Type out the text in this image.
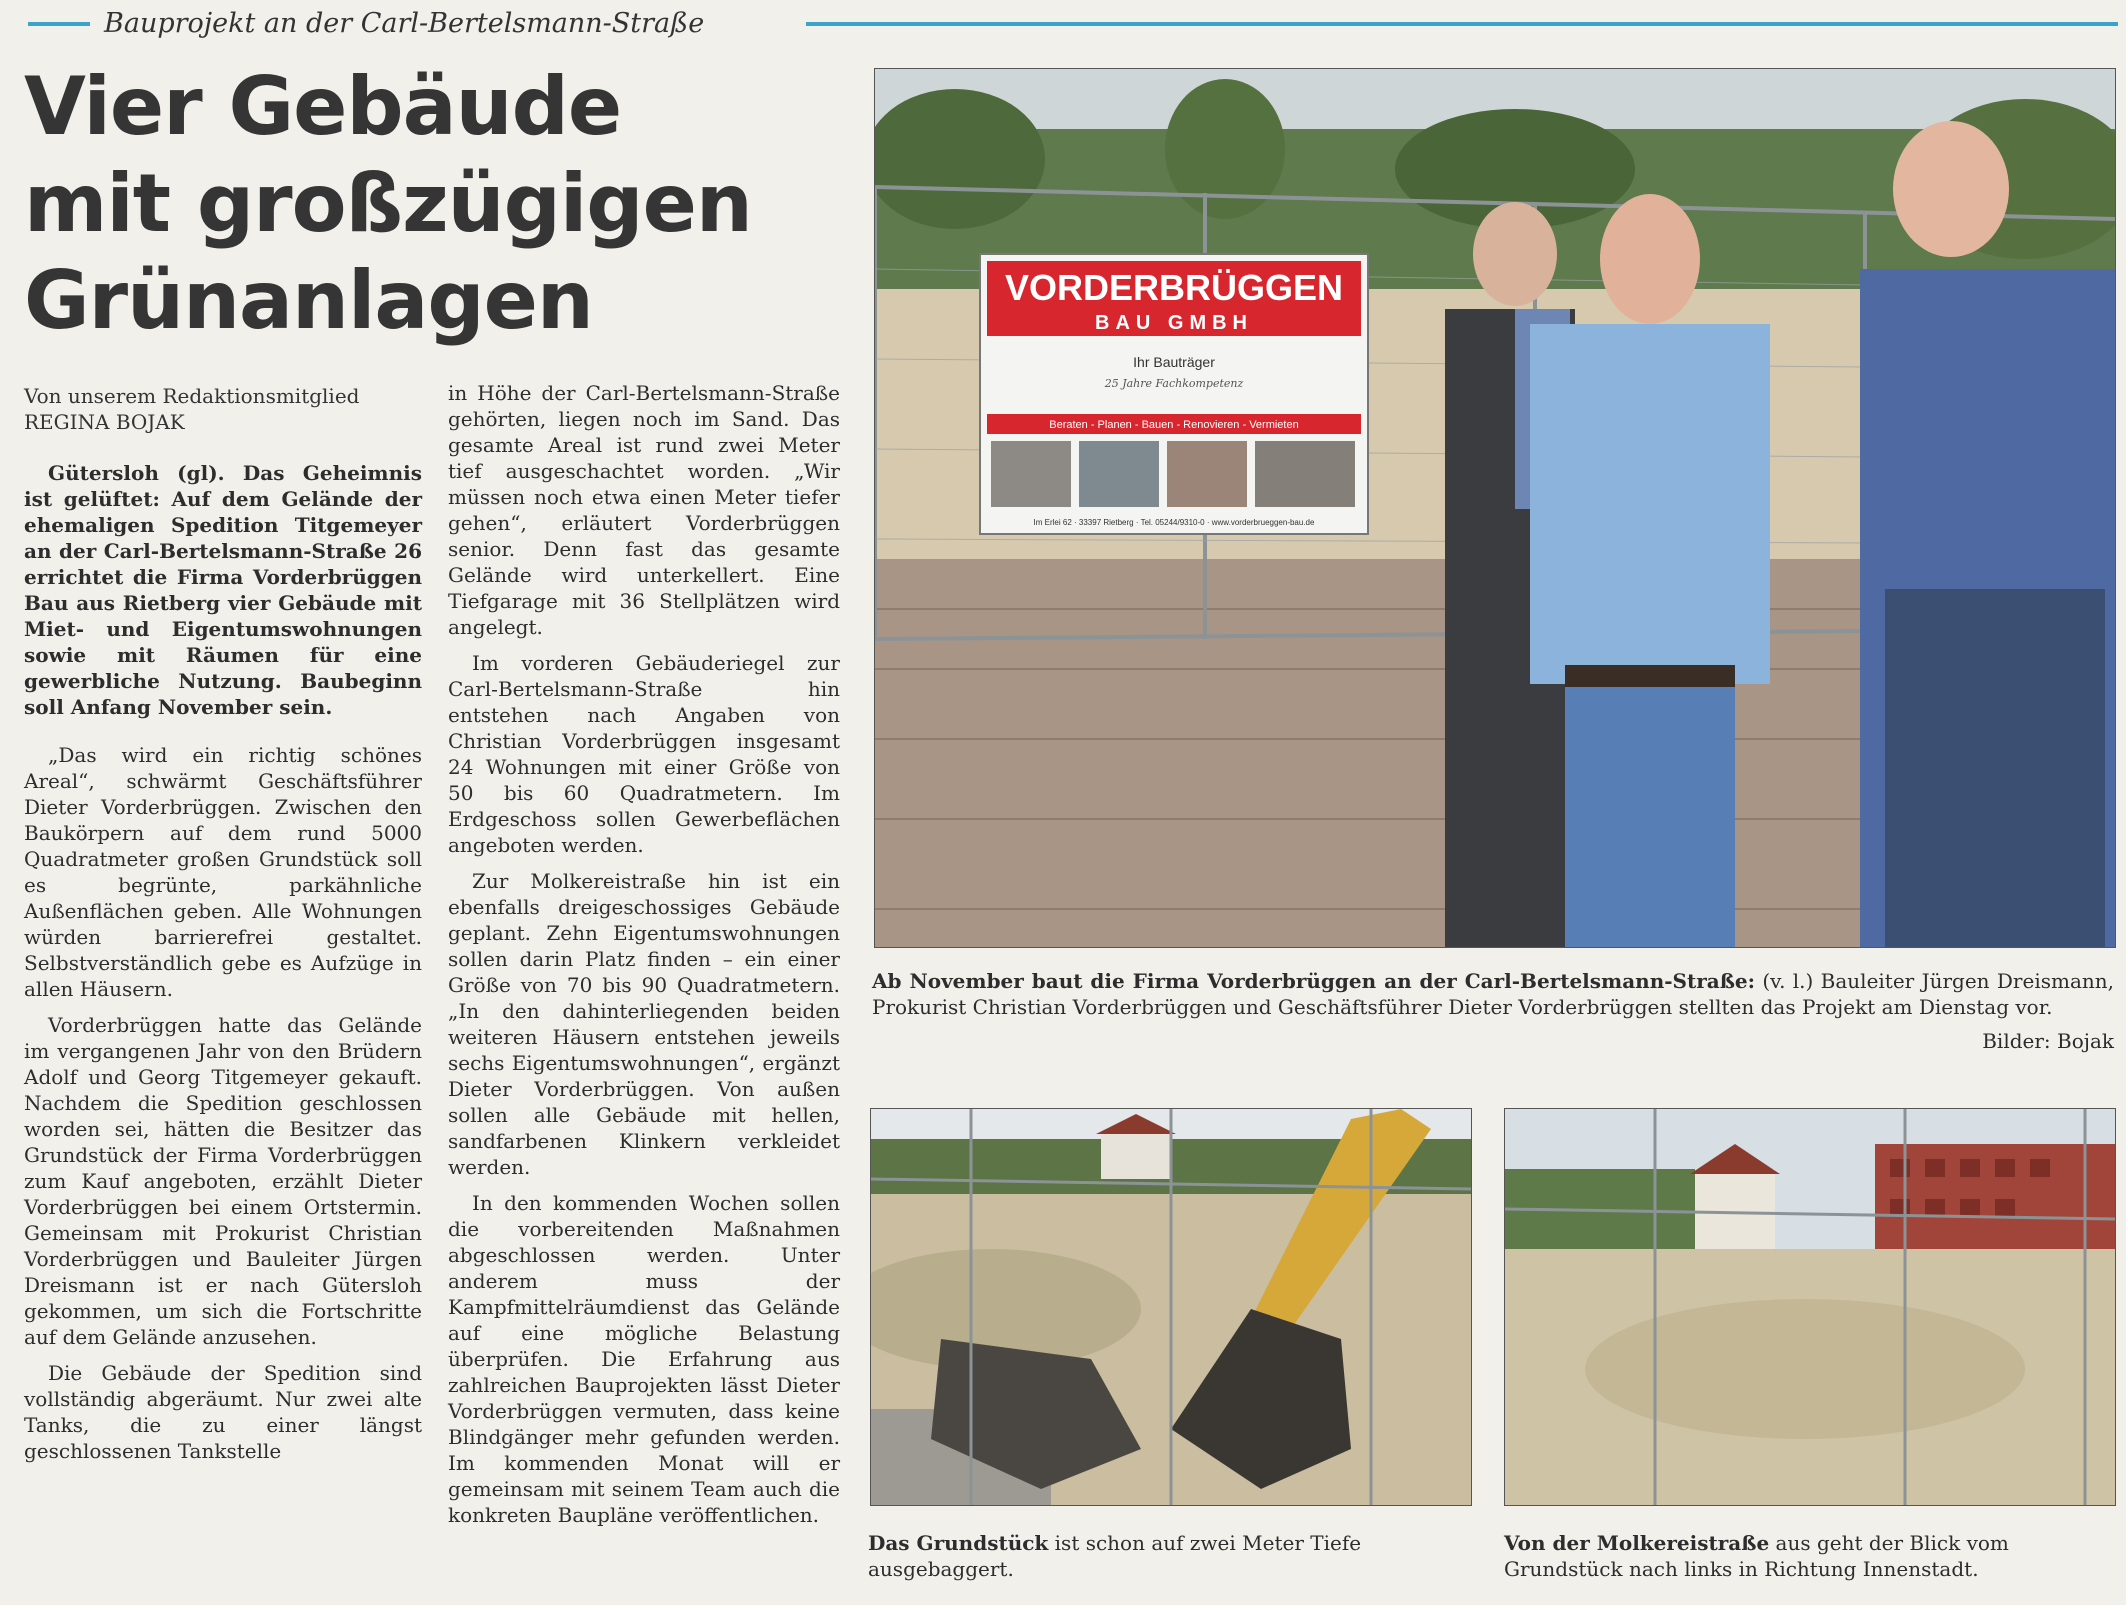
Bauprojekt an der Carl-Bertelsmann-Straße
Vier Gebäude
mit großzügigen
Grünanlagen
Von unserem Redaktionsmitglied
REGINA BOJAK

Gütersloh (gl). Das Geheimnis ist gelüftet: Auf dem Gelände der ehemaligen Spedition Titgemeyer an der Carl-Bertelsmann-Straße 26 errichtet die Firma Vorderbrüggen Bau aus Rietberg vier Gebäude mit Miet- und Eigentumswohnungen sowie mit Räumen für eine gewerbliche Nutzung. Baubeginn soll Anfang November sein.

„Das wird ein richtig schönes Areal“, schwärmt Geschäftsführer Dieter Vorderbrüggen. Zwischen den Baukörpern auf dem rund 5000 Quadratmeter großen Grundstück soll es begrünte, parkähnliche Außenflächen geben. Alle Wohnungen würden barrierefrei gestaltet. Selbstverständlich gebe es Aufzüge in allen Häusern.

Vorderbrüggen hatte das Gelände im vergangenen Jahr von den Brüdern Adolf und Georg Titgemeyer gekauft. Nachdem die Spedition geschlossen worden sei, hätten die Besitzer das Grundstück der Firma Vorderbrüggen zum Kauf angeboten, erzählt Dieter Vorderbrüggen bei einem Ortstermin. Gemeinsam mit Prokurist Christian Vorderbrüggen und Bauleiter Jürgen Dreismann ist er nach Gütersloh gekommen, um sich die Fortschritte auf dem Gelände anzusehen.

Die Gebäude der Spedition sind vollständig abgeräumt. Nur zwei alte Tanks, die zu einer längst geschlossenen Tankstelle

in Höhe der Carl-Bertelsmann-Straße gehörten, liegen noch im Sand. Das gesamte Areal ist rund zwei Meter tief ausgeschachtet worden. „Wir müssen noch etwa einen Meter tiefer gehen“, erläutert Vorderbrüggen senior. Denn fast das gesamte Gelände wird unterkellert. Eine Tiefgarage mit 36 Stellplätzen wird angelegt.

Im vorderen Gebäuderiegel zur Carl-Bertelsmann-Straße hin entstehen nach Angaben von Christian Vorderbrüggen insgesamt 24 Wohnungen mit einer Größe von 50 bis 60 Quadratmetern. Im Erdgeschoss sollen Gewerbeflächen angeboten werden.

Zur Molkereistraße hin ist ein ebenfalls dreigeschossiges Gebäude geplant. Zehn Eigentumswohnungen sollen darin Platz finden – ein einer Größe von 70 bis 90 Quadratmetern. „In den dahinterliegenden beiden weiteren Häusern entstehen jeweils sechs Eigentumswohnungen“, ergänzt Dieter Vorderbrüggen. Von außen sollen alle Gebäude mit hellen, sandfarbenen Klinkern verkleidet werden.

In den kommenden Wochen sollen die vorbereitenden Maßnahmen abgeschlossen werden. Unter anderem muss der Kampfmittelräumdienst das Gelände auf eine mögliche Belastung überprüfen. Die Erfahrung aus zahlreichen Bauprojekten lässt Dieter Vorderbrüggen vermuten, dass keine Blindgänger mehr gefunden werden. Im kommenden Monat will er gemeinsam mit seinem Team auch die konkreten Baupläne veröffentlichen.

VORDERBRÜGGEN
BAU GMBH
Ihr Bauträger
25 Jahre Fachkompetenz
Beraten - Planen - Bauen - Renovieren - Vermieten
Im Erlei 62 · 33397 Rietberg · Tel. 05244/9310-0 · www.vorderbrueggen-bau.de
Ab November baut die Firma Vorderbrüggen an der Carl-Bertelsmann-Straße: (v. l.) Bauleiter Jürgen Dreismann, Prokurist Christian Vorderbrüggen und Geschäftsführer Dieter Vorderbrüggen stellten das Projekt am Dienstag vor.
Bilder: Bojak
Das Grundstück ist schon auf zwei Meter Tiefe ausgebaggert.
Von der Molkereistraße aus geht der Blick vom Grundstück nach links in Richtung Innenstadt.
